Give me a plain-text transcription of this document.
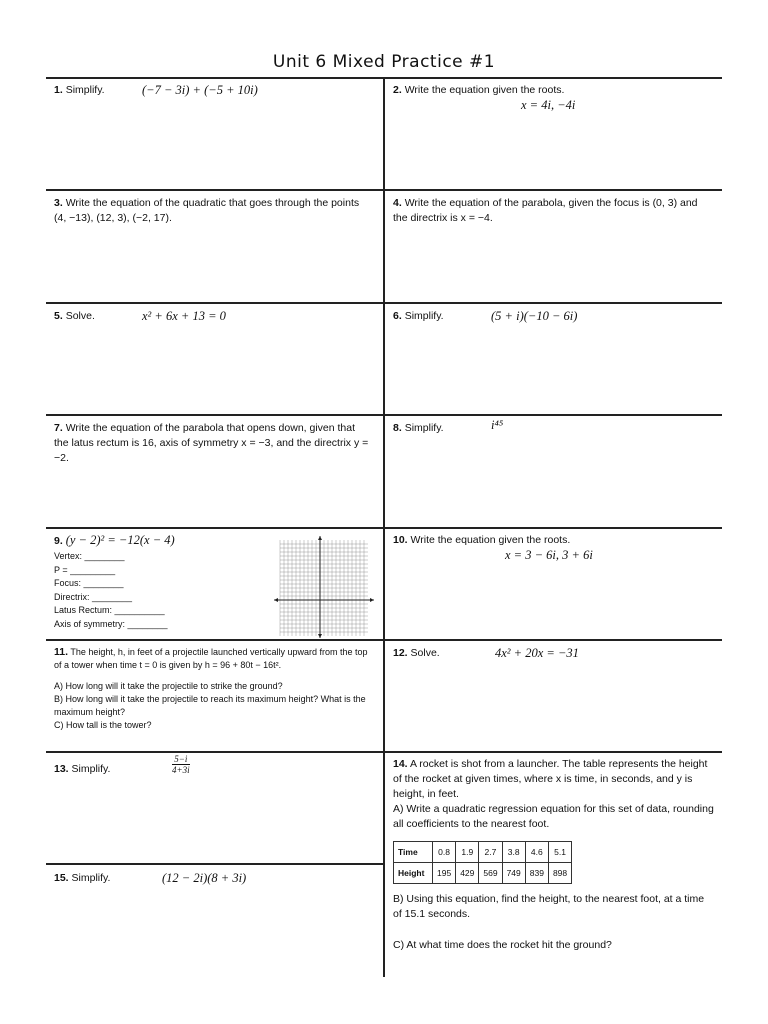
Unit 6 Mixed Practice #1
1. Simplify.	(−7 − 3i) + (−5 + 10i)	2. Write the equation given the roots.
x = 4i, −4i
3. Write the equation of the quadratic that goes through the points (4, −13), (12, 3), (−2, 17).
4. Write the equation of the parabola, given the focus is (0, 3) and the directrix is x = −4.
5. Solve.	x² + 6x + 13 = 0	6. Simplify.	(5 + i)(−10 − 6i)
7. Write the equation of the parabola that opens down, given that the latus rectum is 16, axis of symmetry x = −3, and the directrix y = −2.
8. Simplify.	i⁴⁵
9. (y − 2)² = −12(x − 4)
Vertex: ________
P = _________
Focus: ________
Directrix: ________
Latus Rectum: __________
Axis of symmetry: ________
10. Write the equation given the roots.
x = 3 − 6i, 3 + 6i
11. The height, h, in feet of a projectile launched vertically upward from the top of a tower when time t = 0 is given by h = 96 + 80t − 16t².
A) How long will it take the projectile to strike the ground?
B) How long will it take the projectile to reach its maximum height? What is the maximum height?
C) How tall is the tower?
12. Solve.	4x² + 20x = −31
13. Simplify.	$\frac{5-i}{4+3i}$	14. A rocket is shot from a launcher. The table represents the height of the rocket at given times, where x is time, in seconds, and y is height, in feet.
A) Write a quadratic regression equation for this set of data, rounding all coefficients to the nearest foot.
Time	0.8	1.9	2.7	3.8	4.6	5.1
Height	195	429	569	749	839	898
B) Using this equation, find the height, to the nearest foot, at a time of 15.1 seconds.
C) At what time does the rocket hit the ground?
15. Simplify.	(12 − 2i)(8 + 3i)
